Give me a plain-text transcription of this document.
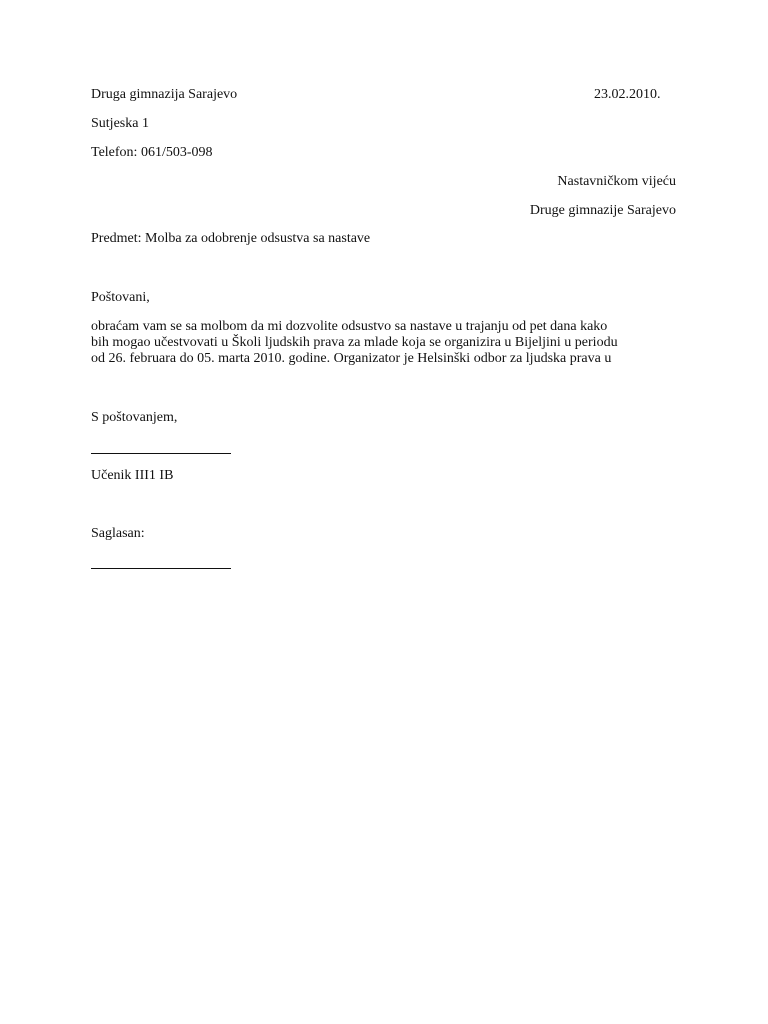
Druga gimnazija Sarajevo	23.02.2010.
Sutjeska 1
Telefon: 061/503-098
Nastavničkom vijeću
Druge gimnazije Sarajevo
Predmet: Molba za odobrenje odsustva sa nastave
Poštovani,
obraćam vam se sa molbom da mi dozvolite odsustvo sa nastave u trajanju od pet dana kako
bih mogao učestvovati u Školi ljudskih prava za mlade koja se organizira u Bijeljini u periodu
od 26. februara do 05. marta 2010. godine. Organizator je Helsinški odbor za ljudska prava u
S poštovanjem,
Učenik III1 IB
Saglasan:
